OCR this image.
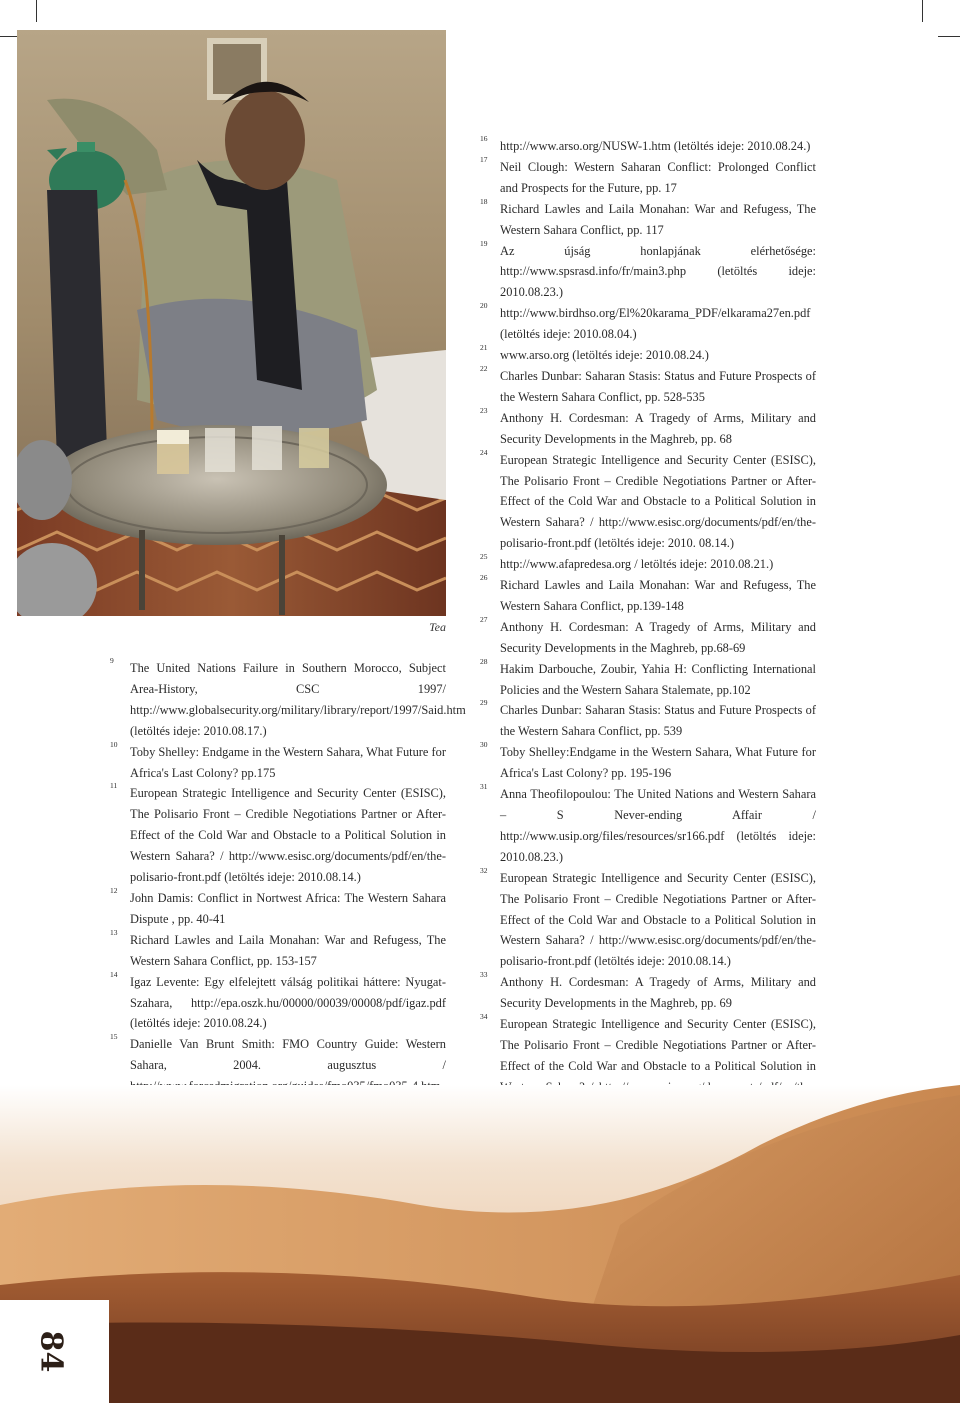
Tea

9
The United Nations Failure in Southern Morocco, Subject Area-History, CSC 1997/ http://www.globalsecurity.org/military/library/report/1997/Said.htm (letöltés ideje: 2010.08.17.)

10
Toby Shelley: Endgame in the Western Sahara, What Future for Africa's Last Colony? pp.175

11
European Strategic Intelligence and Security Center (ESISC), The Polisario Front – Credible Negotiations Partner or After-Effect of the Cold War and Obstacle to a Political Solution in Western Sahara? / http://www.esisc.org/documents/pdf/en/the-polisario-front.pdf (letöltés ideje: 2010.08.14.)

12
John Damis: Conflict in Nortwest Africa: The Western Sahara Dispute , pp. 40-41

13
Richard Lawles and Laila Monahan: War and Refugess, The Western Sahara Conflict, pp. 153-157

14
Igaz Levente: Egy elfelejtett válság politikai háttere: Nyugat-Szahara, http://epa.oszk.hu/00000/00039/00008/pdf/igaz.pdf (letöltés ideje: 2010.08.24.)

15
Danielle Van Brunt Smith: FMO Country Guide: Western Sahara, 2004. augusztus /

16
http://www.arso.org/NUSW-1.htm (letöltés ideje: 2010.08.24.)

17
Neil Clough: Western Saharan Conflict: Prolonged Conflict and Prospects for the Future, pp. 17

18
Richard Lawles and Laila Monahan: War and Refugess, The Western Sahara Conflict, pp. 117

19
Az újság honlapjának elérhetősége: http://www.spsrasd.info/fr/main3.php (letöltés ideje: 2010.08.23.)

20
http://www.birdhso.org/El%20karama_PDF/elkarama27en.pdf (letöltés ideje: 2010.08.04.)

21
www.arso.org (letöltés ideje: 2010.08.24.)

22
Charles Dunbar: Saharan Stasis: Status and Future Prospects of the Western Sahara Conflict, pp. 528-535

23
Anthony H. Cordesman: A Tragedy of Arms, Military and Security Developments in the Maghreb, pp. 68

24
European Strategic Intelligence and Security Center (ESISC), The Polisario Front – Credible Negotiations Partner or After-Effect of the Cold War and Obstacle to a Political Solution in Western Sahara? / http://www.esisc.org/documents/pdf/en/the-polisario-front.pdf (letöltés ideje: 2010. 08.14.)

25
http://www.afapredesa.org / letöltés ideje: 2010.08.21.)

26
Richard Lawles and Laila Monahan: War and Refugess, The Western Sahara Conflict, pp.139-148

27
Anthony H. Cordesman: A Tragedy of Arms, Military and Security Developments in the Maghreb, pp.68-69

28
Hakim Darbouche, Zoubir, Yahia H: Conflicting International Policies and the Western Sahara Stalemate, pp.102

29
Charles Dunbar: Saharan Stasis: Status and Future Prospects of the Western Sahara Conflict, pp. 539

30
Toby Shelley:Endgame in the Western Sahara, What Future for Africa's Last Colony? pp. 195-196

31
Anna Theofilopoulou: The United Nations and Western Sahara – S Never-ending Affair / http://www.usip.org/files/resources/sr166.pdf (letöltés ideje: 2010.08.23.)

32
European Strategic Intelligence and Security Center (ESISC), The Polisario Front – Credible Negotiations Partner or After-Effect of the Cold War and Obstacle to a Political Solution in Western Sahara? / http://www.esisc.org/documents/pdf/en/the-polisario-front.pdf (letöltés ideje: 2010.08.14.)

33
Anthony H. Cordesman: A Tragedy of Arms, Military and Security Developments in the Maghreb, pp. 69

34
European Strategic Intelligence and Security Center (ESISC), The Polisario Front – Credible Negotiations Partner or After-Effect of the Cold War and Obstacle to a Political Solution in

84
